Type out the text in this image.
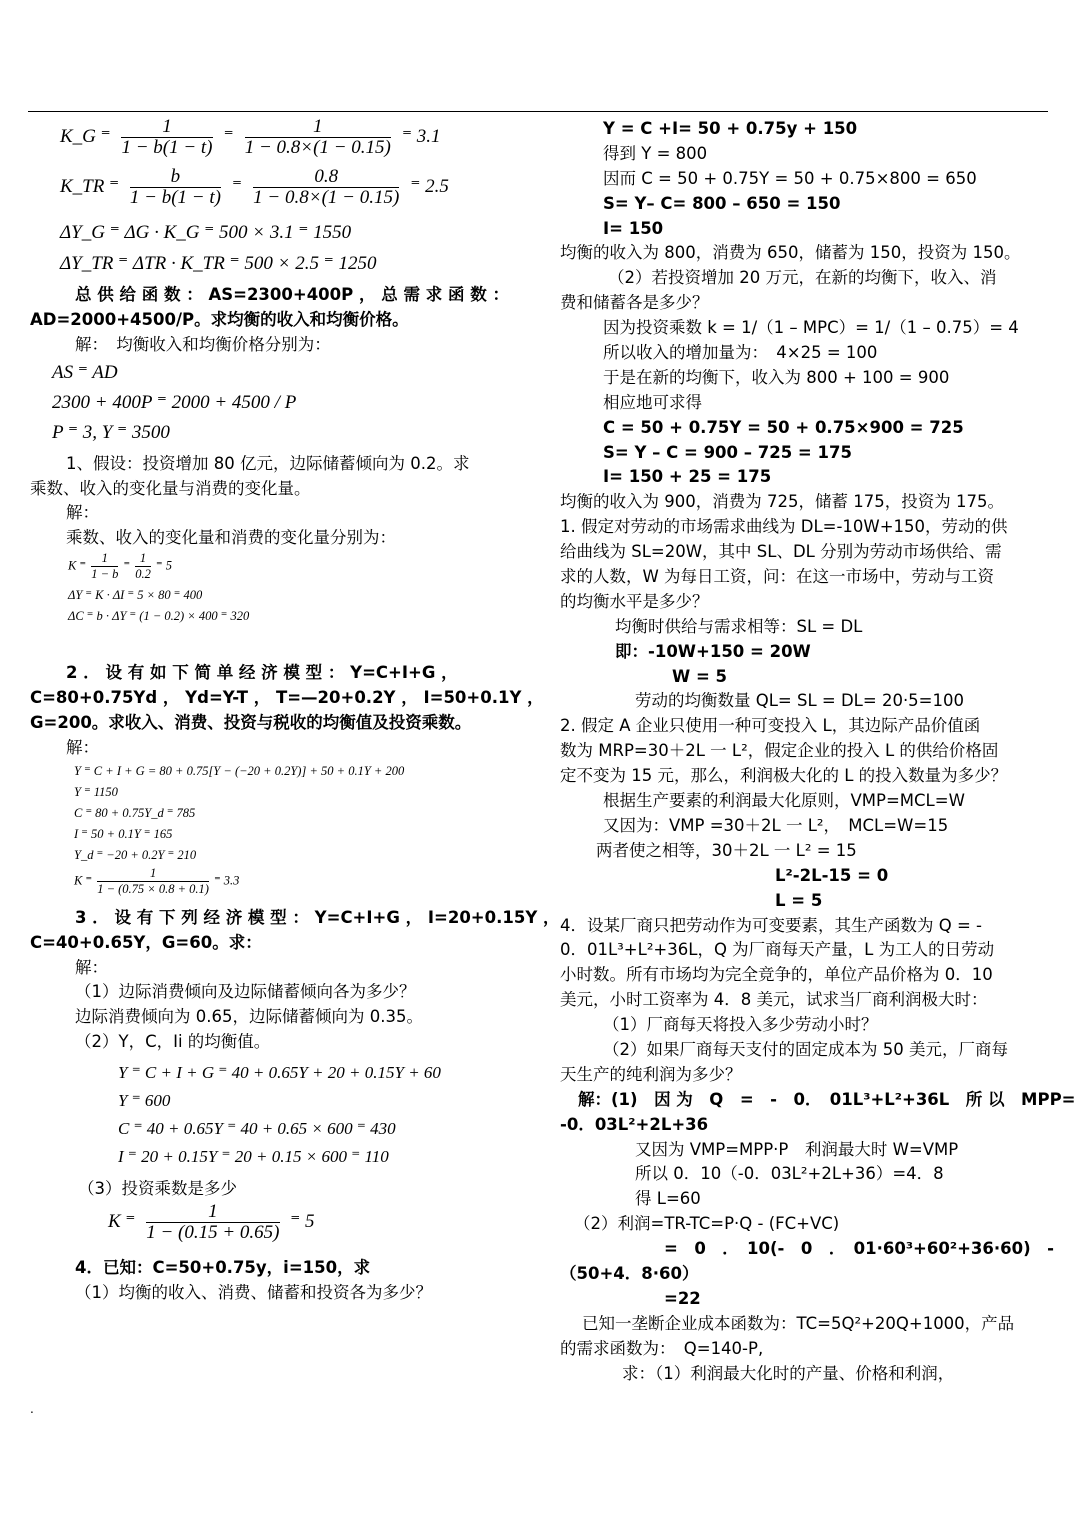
K_G ⁼ $\frac{1}{1 - b(1 - t)}$ ⁼ $\frac{1}{1 - 0.8\times(1 - 0.15)}$ ⁼ 3.1
K_TR ⁼ $\frac{b}{1 - b(1 - t)}$ ⁼ $\frac{0.8}{1 - 0.8\times(1 - 0.15)}$ ⁼ 2.5
ΔY_G ⁼ ΔG · K_G ⁼ 500 × 3.1 ⁼ 1550
ΔY_TR ⁼ ΔTR · K_TR ⁼ 500 × 2.5 ⁼ 1250
总 供 给 函 数 ： AS=2300+400P ， 总 需 求 函 数 ：
AD=2000+4500/P。求均衡的收入和均衡价格。
解：　均衡收入和均衡价格分别为：
AS ⁼ AD
2300 + 400P ⁼ 2000 + 4500 / P
P ⁼ 3, Y ⁼ 3500
1、假设：投资增加 80 亿元，边际储蓄倾向为 0.2。求
乘数、收入的变化量与消费的变化量。
解：
乘数、收入的变化量和消费的变化量分别为：
K ⁼ $\frac{1}{1 - b}$ ⁼ $\frac{1}{0.2}$ ⁼ 5
ΔY ⁼ K · ΔI ⁼ 5 × 80 ⁼ 400
ΔC ⁼ b · ΔY ⁼ (1 − 0.2) × 400 ⁼ 320
2 ． 设 有 如 下 简 单 经 济 模 型 ： Y=C+I+G ，
C=80+0.75Yd ， Yd=Y-T ， T=—20+0.2Y ， I=50+0.1Y ，
G=200。求收入、消费、投资与税收的均衡值及投资乘数。
解：
Y ⁼ C + I + G = 80 + 0.75[Y − (−20 + 0.2Y)] + 50 + 0.1Y + 200
Y ⁼ 1150
C ⁼ 80 + 0.75Y_d ⁼ 785
I ⁼ 50 + 0.1Y ⁼ 165
Y_d ⁼ −20 + 0.2Y ⁼ 210
K ⁼ $\frac{1}{1 - (0.75 \times 0.8 + 0.1)}$ ⁼ 3.3
3 ． 设 有 下 列 经 济 模 型 ： Y=C+I+G ， I=20+0.15Y ，
C=40+0.65Y，G=60。求：
解：
（1）边际消费倾向及边际储蓄倾向各为多少？
边际消费倾向为 0.65，边际储蓄倾向为 0.35。
（2）Y，C，Ii 的均衡值。
Y ⁼ C + I + G ⁼ 40 + 0.65Y + 20 + 0.15Y + 60
Y ⁼ 600
C ⁼ 40 + 0.65Y ⁼ 40 + 0.65 × 600 ⁼ 430
I ⁼ 20 + 0.15Y ⁼ 20 + 0.15 × 600 ⁼ 110
（3）投资乘数是多少
K ⁼ $\frac{1}{1 - (0.15 + 0.65)}$ ⁼ 5
4．已知：C=50+0.75y，i=150，求
（1）均衡的收入、消费、储蓄和投资各为多少？
Y = C +I= 50 + 0.75y + 150
得到 Y = 800
因而 C = 50 + 0.75Y = 50 + 0.75×800 = 650
S= Y– C= 800 – 650 = 150
I= 150
均衡的收入为 800，消费为 650，储蓄为 150，投资为 150。
（2）若投资增加 20 万元，在新的均衡下，收入、消
费和储蓄各是多少？
因为投资乘数 k = 1/（1 – MPC）= 1/（1 – 0.75）= 4
所以收入的增加量为：　4×25 = 100
于是在新的均衡下，收入为 800 + 100 = 900
相应地可求得
C = 50 + 0.75Y = 50 + 0.75×900 = 725
S= Y – C = 900 – 725 = 175
I= 150 + 25 = 175
均衡的收入为 900，消费为 725，储蓄 175，投资为 175。
1. 假定对劳动的市场需求曲线为 DL=-10W+150，劳动的供
给曲线为 SL=20W，其中 SL、DL 分别为劳动市场供给、需
求的人数，W 为每日工资，问：在这一市场中，劳动与工资
的均衡水平是多少？
均衡时供给与需求相等：SL = DL
即：-10W+150 = 20W
W = 5
劳动的均衡数量 QL= SL = DL= 20·5=100
2. 假定 A 企业只使用一种可变投入 L，其边际产品价值函
数为 MRP=30＋2L 一 L²，假定企业的投入 L 的供给价格固
定不变为 15 元，那么，利润极大化的 L 的投入数量为多少？
根据生产要素的利润最大化原则，VMP=MCL=W
又因为：VMP =30＋2L 一 L²，　MCL=W=15
两者使之相等，30＋2L 一 L² = 15
L²-2L-15 = 0
L = 5
4．设某厂商只把劳动作为可变要素，其生产函数为 Q = -
0．01L³+L²+36L，Q 为厂商每天产量，L 为工人的日劳动
小时数。所有市场均为完全竞争的，单位产品价格为 0．10
美元，小时工资率为 4．8 美元，试求当厂商利润极大时：
（1）厂商每天将投入多少劳动小时？
（2）如果厂商每天支付的固定成本为 50 美元，厂商每
天生产的纯利润为多少？
解：(1)　因 为　Q　=　-　0．　01L³+L²+36L　所 以　MPP=
-0．03L²+2L+36
又因为 VMP=MPP·P　利润最大时 W=VMP
所以 0．10（-0．03L²+2L+36）=4．8
得 L=60
（2）利润=TR-TC=P·Q - (FC+VC)
=　0　．　10(-　0　．　01·60³+60²+36·60)　-
（50+4．8·60）
=22
已知一垄断企业成本函数为：TC=5Q²+20Q+1000，产品
的需求函数为：　Q=140-P,
求：（1）利润最大化时的产量、价格和利润，
.
